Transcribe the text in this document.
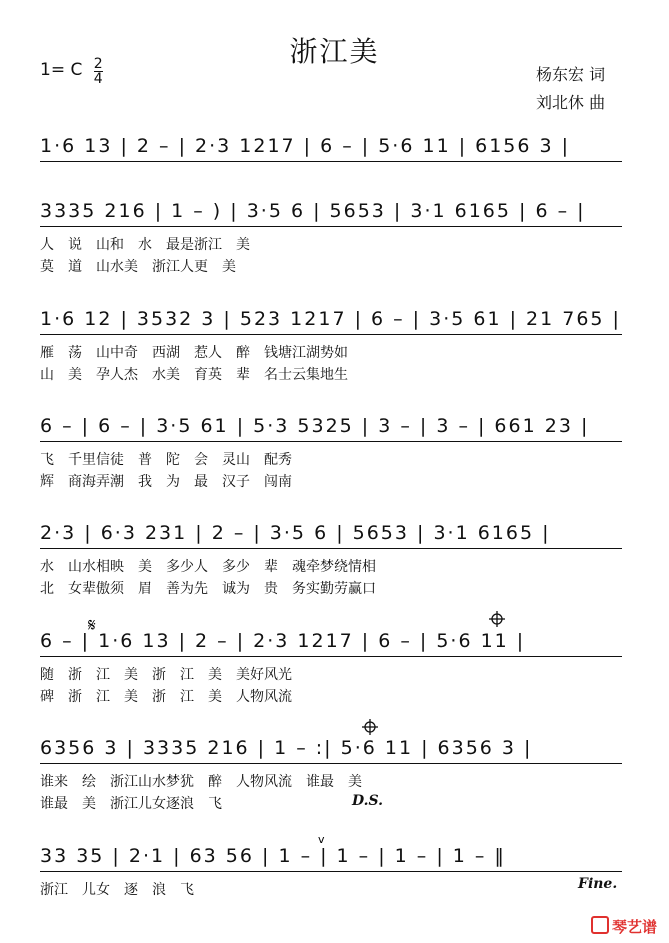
浙江美
1= C $\frac{2}{4}$	杨东宏 词
刘北休 曲
1·6 13 | 2 – | 2·3 1217 | 6 – | 5·6 11 | 6156 3 |
3335 216 | 1 – ) | 3·5 6 | 5653 | 3·1 6165 | 6 – |
人　说　山和　水　最是浙江　美
莫　道　山水美　浙江人更　美
1·6 12 | 3532 3 | 523 1217 | 6 – | 3·5 61 | 21 765 |
雁　荡　山中奇　西湖　惹人　醉　钱塘江湖势如
山　美　孕人杰　水美　育英　辈　名士云集地生
6 – | 6 – | 3·5 61 | 5·3 5325 | 3 – | 3 – | 661 23 |
飞　千里信徒　普　陀　会　灵山　配秀
辉　商海弄潮　我　为　最　汉子　闯南
2·3 | 6·3 231 | 2 – | 3·5 6 | 5653 | 3·1 6165 |
水　山水相映　美　多少人　多少　辈　魂牵梦绕情相
北　女辈傲须　眉　善为先　诚为　贵　务实勤劳赢口
6 – | 1·6 13 | 2 – | 2·3 1217 | 6 – | 5·6 11 |
随　浙　江　美　浙　江　美　美好风光
碑　浙　江　美　浙　江　美　人物风流
6356 3 | 3335 216 | 1 – :| 5·6 11 | 6356 3 |
谁来　绘　浙江山水梦犹　醉　人物风流　谁最　美
谁最　美　浙江儿女逐浪　飞
33 35 | 2·1 | 63 56 | 1 – | 1 – | 1 – | 1 – ‖
浙江　儿女　逐　浪　飞
D.S.
Fine.
琴艺谱
𝄋
v
